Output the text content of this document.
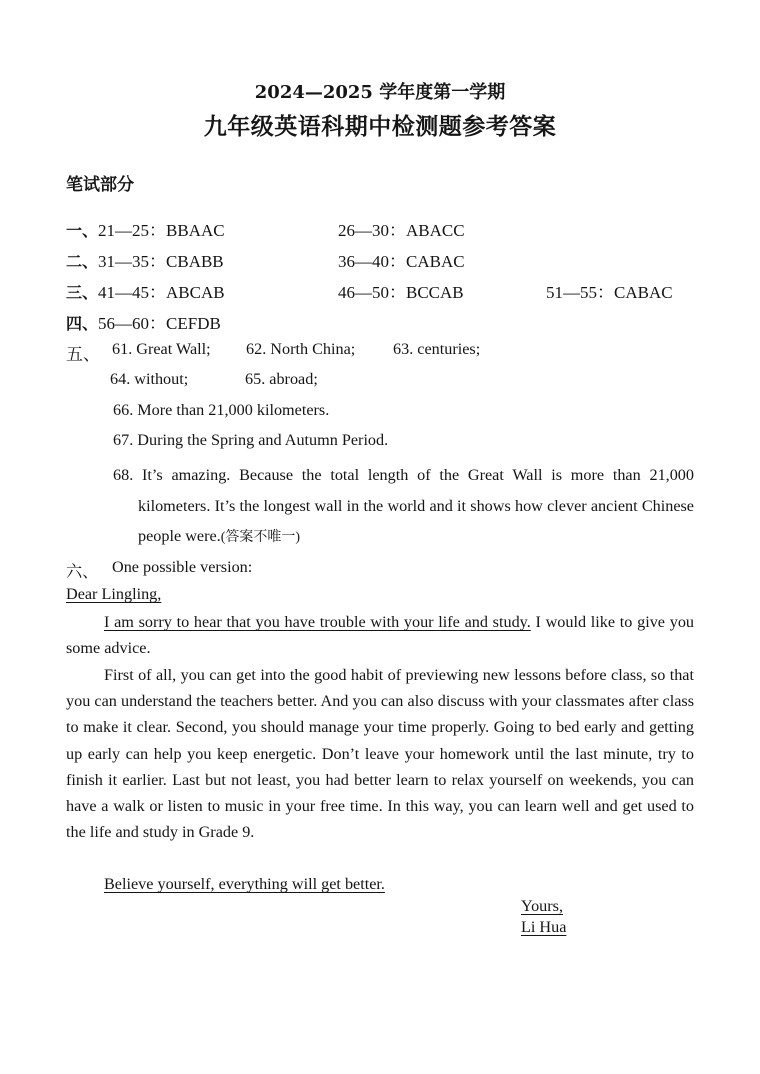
2024—2025 学年度第一学期
九年级英语科期中检测题参考答案
笔试部分
一、21—25：BBAAC	26—30：ABACC
二、31—35：CBABB	36—40：CABAC
三、41—45：ABCAB	46—50：BCCAB	51—55：CABAC
四、56—60：CEFDB
五、 61. Great Wall; 62. North China; 63. centuries;
64. without;	65. abroad;
66. More than 21,000 kilometers.
67. During the Spring and Autumn Period.
68. It’s amazing. Because the total length of the Great Wall is more than 21,000 kilometers. It’s the longest wall in the world and it shows how clever ancient Chinese people were.(答案不唯一)
六、 One possible version:
Dear Lingling,
I am sorry to hear that you have trouble with your life and study. I would like to give you some advice.
First of all, you can get into the good habit of previewing new lessons before class, so that you can understand the teachers better. And you can also discuss with your classmates after class to make it clear. Second, you should manage your time properly. Going to bed early and getting up early can help you keep energetic. Don’t leave your homework until the last minute, try to finish it earlier. Last but not least, you had better learn to relax yourself on weekends, you can have a walk or listen to music in your free time. In this way, you can learn well and get used to the life and study in Grade 9.
Believe yourself, everything will get better.
Yours,
Li Hua
